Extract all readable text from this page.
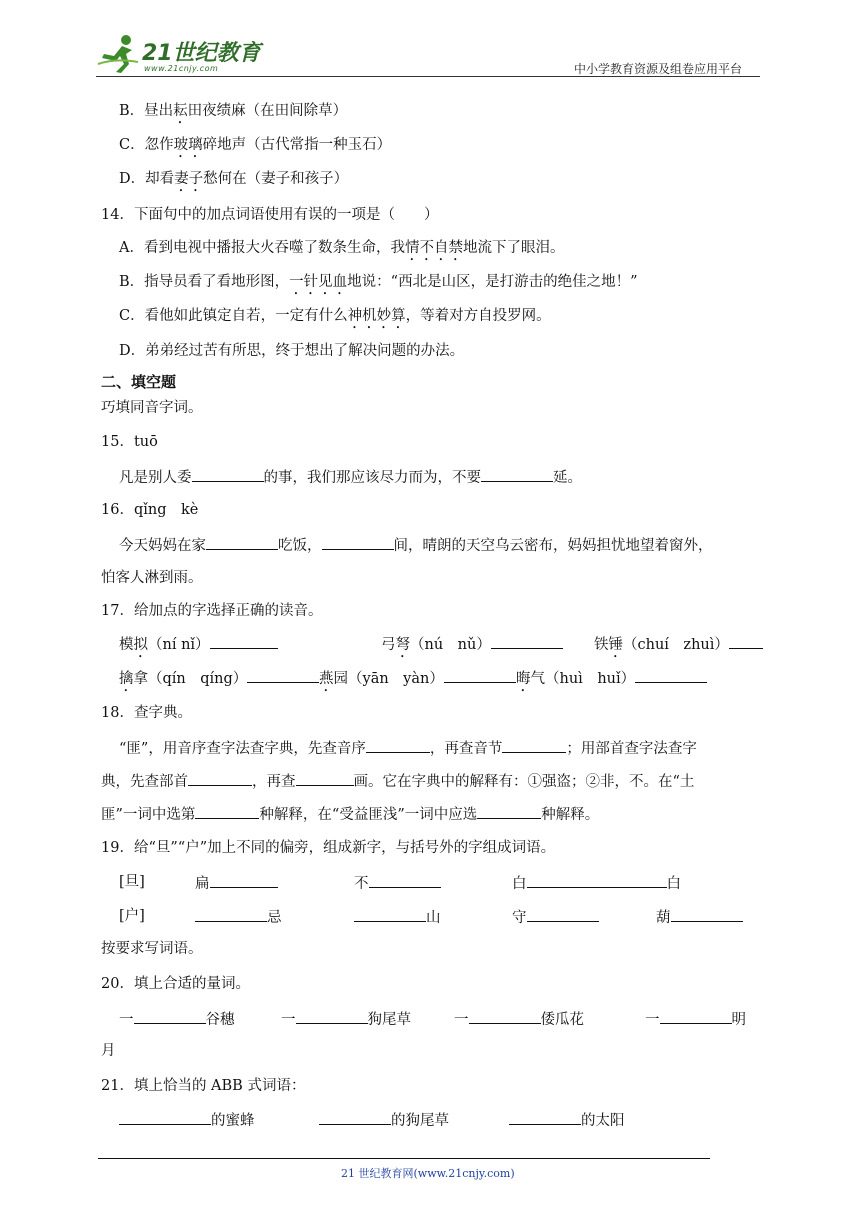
21世纪教育
www.21cnjy.com	中小学教育资源及组卷应用平台
B．昼出耘田夜绩麻（在田间除草）
C．忽作玻璃碎地声（古代常指一种玉石）
D．却看妻子愁何在（妻子和孩子）
14．下面句中的加点词语使用有误的一项是（　　）
A．看到电视中播报大火吞噬了数条生命，我情不自禁地流下了眼泪。
B．指导员看了看地形图，一针见血地说：“西北是山区，是打游击的绝佳之地！”
C．看他如此镇定自若，一定有什么神机妙算，等着对方自投罗网。
D．弟弟经过苦有所思，终于想出了解决问题的办法。
二、填空题
巧填同音字词。
15．tuō
凡是别人委	的事，我们那应该尽力而为，不要	延。
16．qǐng　kè
今天妈妈在家	吃饭，	间，晴朗的天空乌云密布，妈妈担忧地望着窗外，
怕客人淋到雨。
17．给加点的字选择正确的读音。
模拟（ní nǐ）	弓弩（nú　nǔ）	铁锤（chuí　zhuì）
擒拿（qín　qíng）	燕园（yān　yàn）	晦气（huì　huǐ）
18．查字典。
“匪”，用音序查字法查字典，先查音序	，再查音节	；用部首查字法查字
典，先查部首	，再查	画。它在字典中的解释有：①强盗；②非，不。在“土
匪”一词中选第	种解释，在“受益匪浅”一词中应选	种解释。
19．给“旦”“户”加上不同的偏旁，组成新字，与括号外的字组成词语。
[旦]	扁	不	白	白
[户]	忌	山	守	葫
按要求写词语。
20．填上合适的量词。
一	谷穗	一	狗尾草	一	倭瓜花	一	明
月
21．填上恰当的 ABB 式词语：
的蜜蜂	的狗尾草	的太阳
21 世纪教育网(www.21cnjy.com)
